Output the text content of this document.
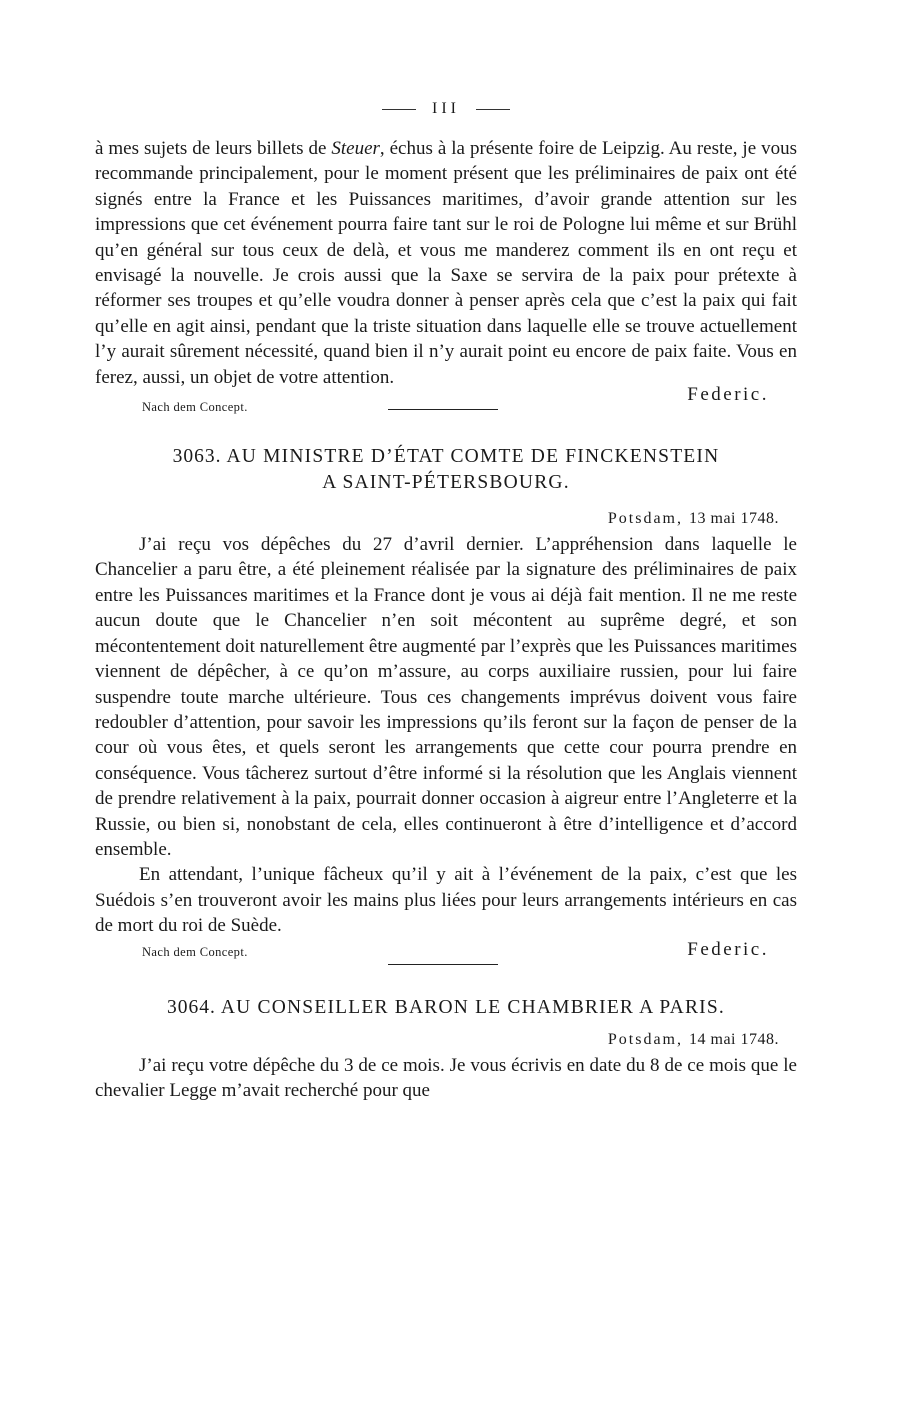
III

à mes sujets de leurs billets de Steuer, échus à la présente foire de Leipzig. Au reste, je vous recommande principalement, pour le moment présent que les préliminaires de paix ont été signés entre la France et les Puissances maritimes, d’avoir grande attention sur les impressions que cet événement pourra faire tant sur le roi de Pologne lui même et sur Brühl qu’en général sur tous ceux de delà, et vous me manderez comment ils en ont reçu et envisagé la nouvelle. Je crois aussi que la Saxe se servira de la paix pour prétexte à réformer ses troupes et qu’elle voudra donner à penser après cela que c’est la paix qui fait qu’elle en agit ainsi, pendant que la triste situation dans laquelle elle se trouve actuellement l’y aurait sûrement nécessité, quand bien il n’y aurait point eu encore de paix faite. Vous en ferez, aussi, un objet de votre attention.

Federic.
Nach dem Concept.
3063. AU MINISTRE D’ÉTAT COMTE DE FINCKENSTEIN
A SAINT-PÉTERSBOURG.
Potsdam, 13 mai 1748.

J’ai reçu vos dépêches du 27 d’avril dernier. L’appréhension dans laquelle le Chancelier a paru être, a été pleinement réalisée par la signature des préliminaires de paix entre les Puissances maritimes et la France dont je vous ai déjà fait mention. Il ne me reste aucun doute que le Chancelier n’en soit mécontent au suprême degré, et son mécontentement doit naturellement être augmenté par l’exprès que les Puissances maritimes viennent de dépêcher, à ce qu’on m’assure, au corps auxiliaire russien, pour lui faire suspendre toute marche ultérieure. Tous ces changements imprévus doivent vous faire redoubler d’attention, pour savoir les impressions qu’ils feront sur la façon de penser de la cour où vous êtes, et quels seront les arrangements que cette cour pourra prendre en conséquence. Vous tâcherez surtout d’être informé si la résolution que les Anglais viennent de prendre relativement à la paix, pourrait donner occasion à aigreur entre l’Angleterre et la Russie, ou bien si, nonobstant de cela, elles continueront à être d’intelligence et d’accord ensemble.

En attendant, l’unique fâcheux qu’il y ait à l’événement de la paix, c’est que les Suédois s’en trouveront avoir les mains plus liées pour leurs arrangements intérieurs en cas de mort du roi de Suède.

Nach dem Concept.	Federic.
3064. AU CONSEILLER BARON LE CHAMBRIER A PARIS.
Potsdam, 14 mai 1748.

J’ai reçu votre dépêche du 3 de ce mois. Je vous écrivis en date du 8 de ce mois que le chevalier Legge m’avait recherché pour que
